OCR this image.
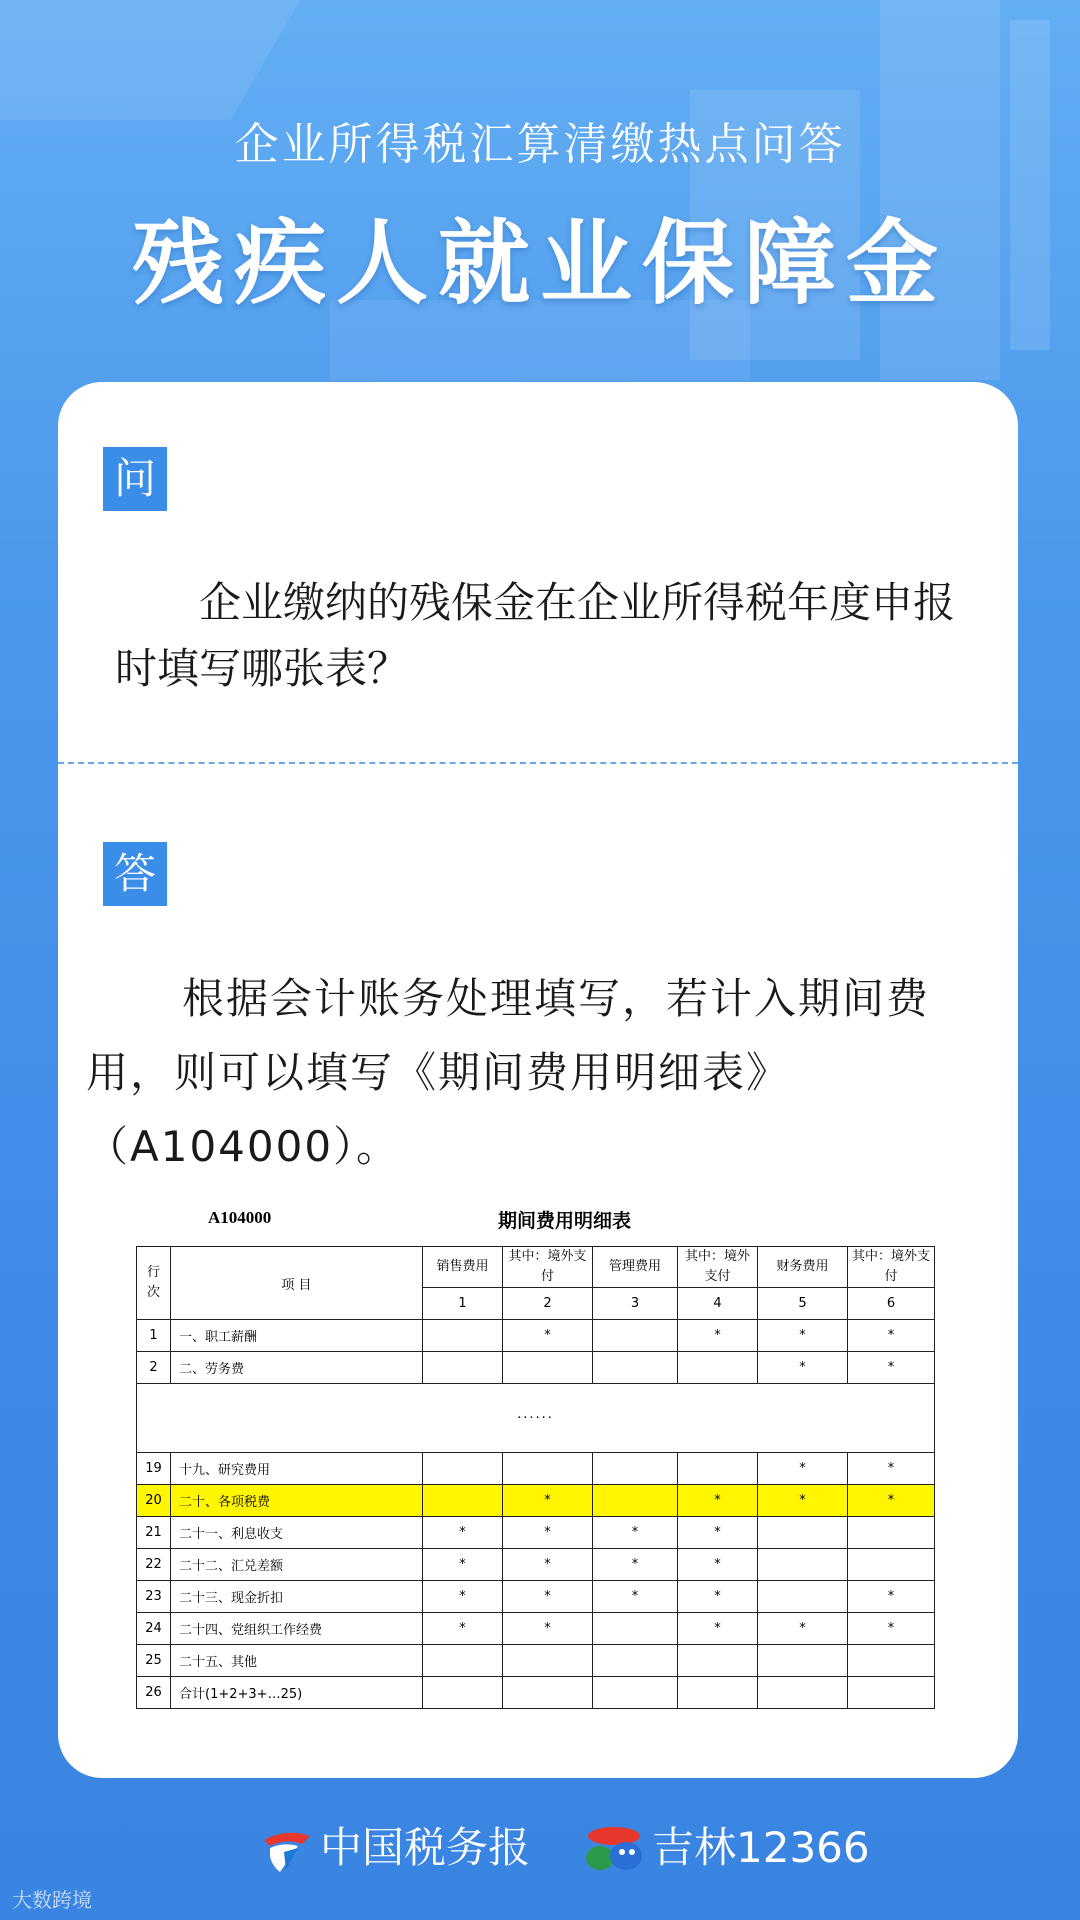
企业所得税汇算清缴热点问答
残疾人就业保障金
问
企业缴纳的残保金在企业所得税年度申报时填写哪张表？
答
根据会计账务处理填写，若计入期间费用，则可以填写《期间费用明细表》（A104000）。
A104000	期间费用明细表
行次	项 目	销售费用	其中：境外支付	管理费用	其中：境外支付	财务费用	其中：境外支付
		1	2	3	4	5	6
1	一、职工薪酬		*		*	*	*
2	二、劳务费					*	*
······							
19	十九、研究费用					*	*
20	二十、各项税费		*		*	*	*
21	二十一、利息收支	*	*	*	*		
22	二十二、汇兑差额	*	*	*	*		
23	二十三、现金折扣	*	*	*	*		*
24	二十四、党组织工作经费	*	*		*	*	*
25	二十五、其他						
26	合计(1+2+3+…25)						
中国税务报	吉林12366
大数跨境
